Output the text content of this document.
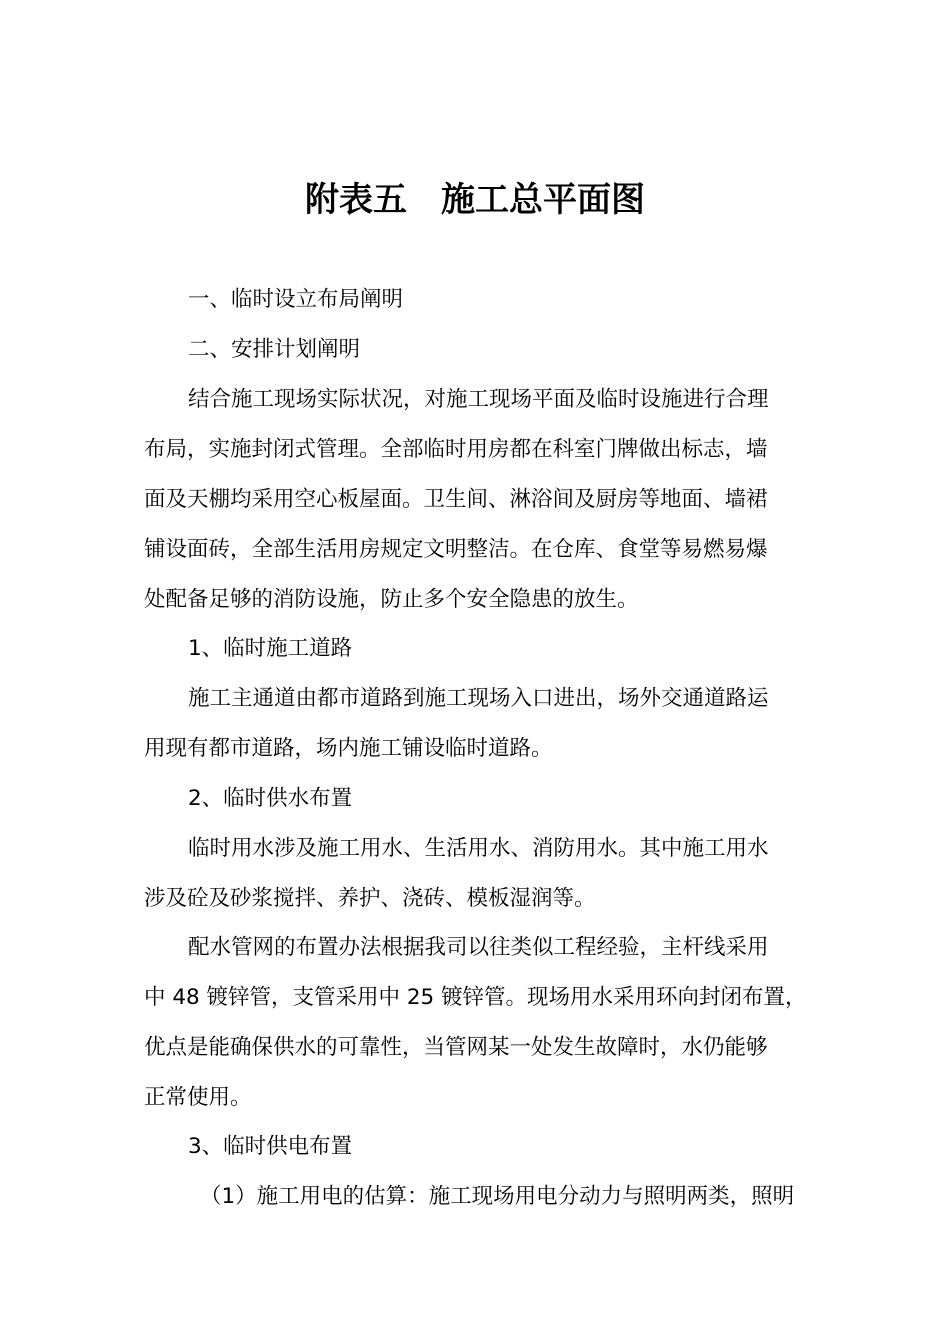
附表五　施工总平面图
一、临时设立布局阐明
二、安排计划阐明
结合施工现场实际状况，对施工现场平面及临时设施进行合理
布局，实施封闭式管理。全部临时用房都在科室门牌做出标志，墙
面及天棚均采用空心板屋面。卫生间、淋浴间及厨房等地面、墙裙
铺设面砖，全部生活用房规定文明整洁。在仓库、食堂等易燃易爆
处配备足够的消防设施，防止多个安全隐患的放生。
1、临时施工道路
施工主通道由都市道路到施工现场入口进出，场外交通道路运
用现有都市道路，场内施工铺设临时道路。
2、临时供水布置
临时用水涉及施工用水、生活用水、消防用水。其中施工用水
涉及砼及砂浆搅拌、养护、浇砖、模板湿润等。
配水管网的布置办法根据我司以往类似工程经验，主杆线采用
中 48 镀锌管，支管采用中 25 镀锌管。现场用水采用环向封闭布置，
优点是能确保供水的可靠性，当管网某一处发生故障时，水仍能够
正常使用。
3、临时供电布置
（1）施工用电的估算：施工现场用电分动力与照明两类，照明
